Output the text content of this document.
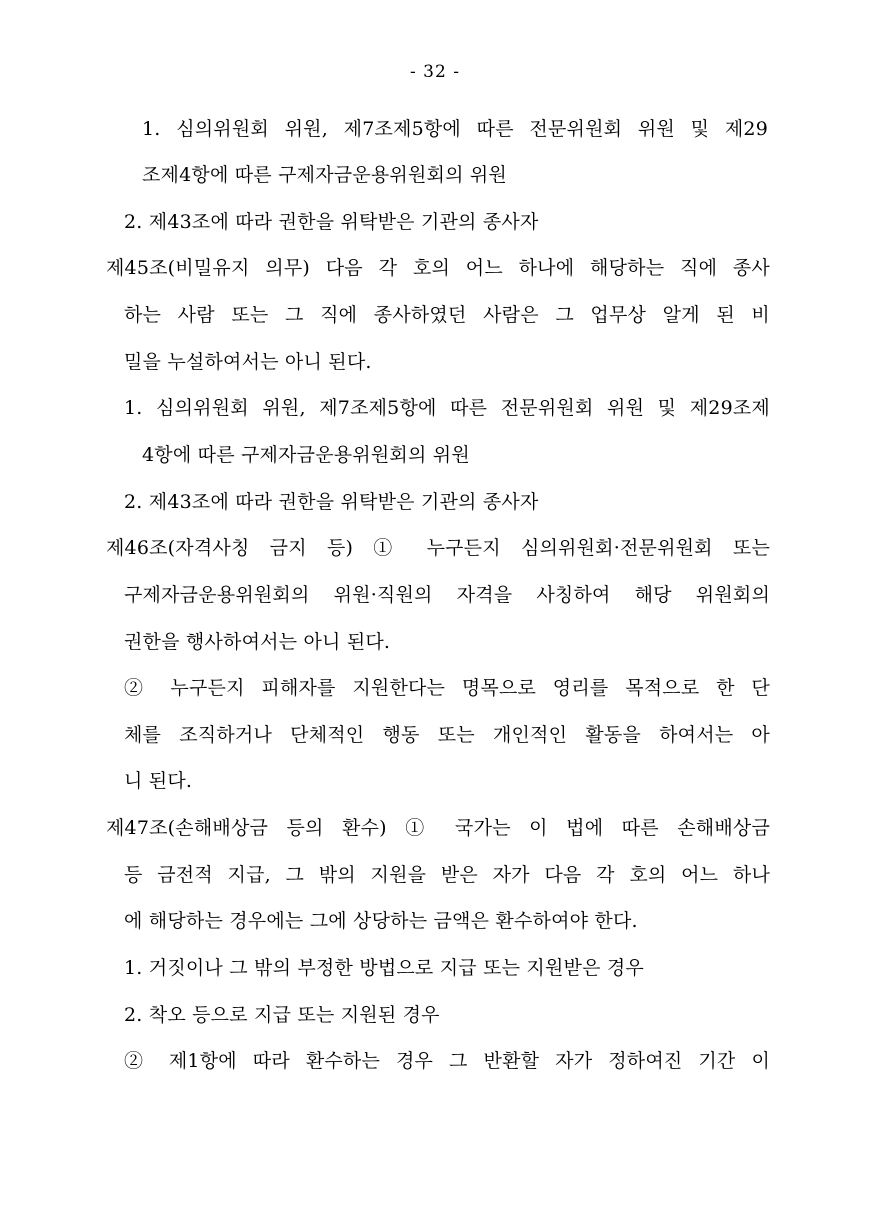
- 32 -
1. 심의위원회 위원, 제7조제5항에 따른 전문위원회 위원 및 제29
조제4항에 따른 구제자금운용위원회의 위원
2. 제43조에 따라 권한을 위탁받은 기관의 종사자
제45조(비밀유지 의무) 다음 각 호의 어느 하나에 해당하는 직에 종사
하는 사람 또는 그 직에 종사하였던 사람은 그 업무상 알게 된 비
밀을 누설하여서는 아니 된다.
1. 심의위원회 위원, 제7조제5항에 따른 전문위원회 위원 및 제29조제
4항에 따른 구제자금운용위원회의 위원
2. 제43조에 따라 권한을 위탁받은 기관의 종사자
제46조(자격사칭 금지 등) ① 누구든지 심의위원회·전문위원회 또는
구제자금운용위원회의 위원·직원의 자격을 사칭하여 해당 위원회의
권한을 행사하여서는 아니 된다.
② 누구든지 피해자를 지원한다는 명목으로 영리를 목적으로 한 단
체를 조직하거나 단체적인 행동 또는 개인적인 활동을 하여서는 아
니 된다.
제47조(손해배상금 등의 환수) ① 국가는 이 법에 따른 손해배상금
등 금전적 지급, 그 밖의 지원을 받은 자가 다음 각 호의 어느 하나
에 해당하는 경우에는 그에 상당하는 금액은 환수하여야 한다.
1. 거짓이나 그 밖의 부정한 방법으로 지급 또는 지원받은 경우
2. 착오 등으로 지급 또는 지원된 경우
② 제1항에 따라 환수하는 경우 그 반환할 자가 정하여진 기간 이
